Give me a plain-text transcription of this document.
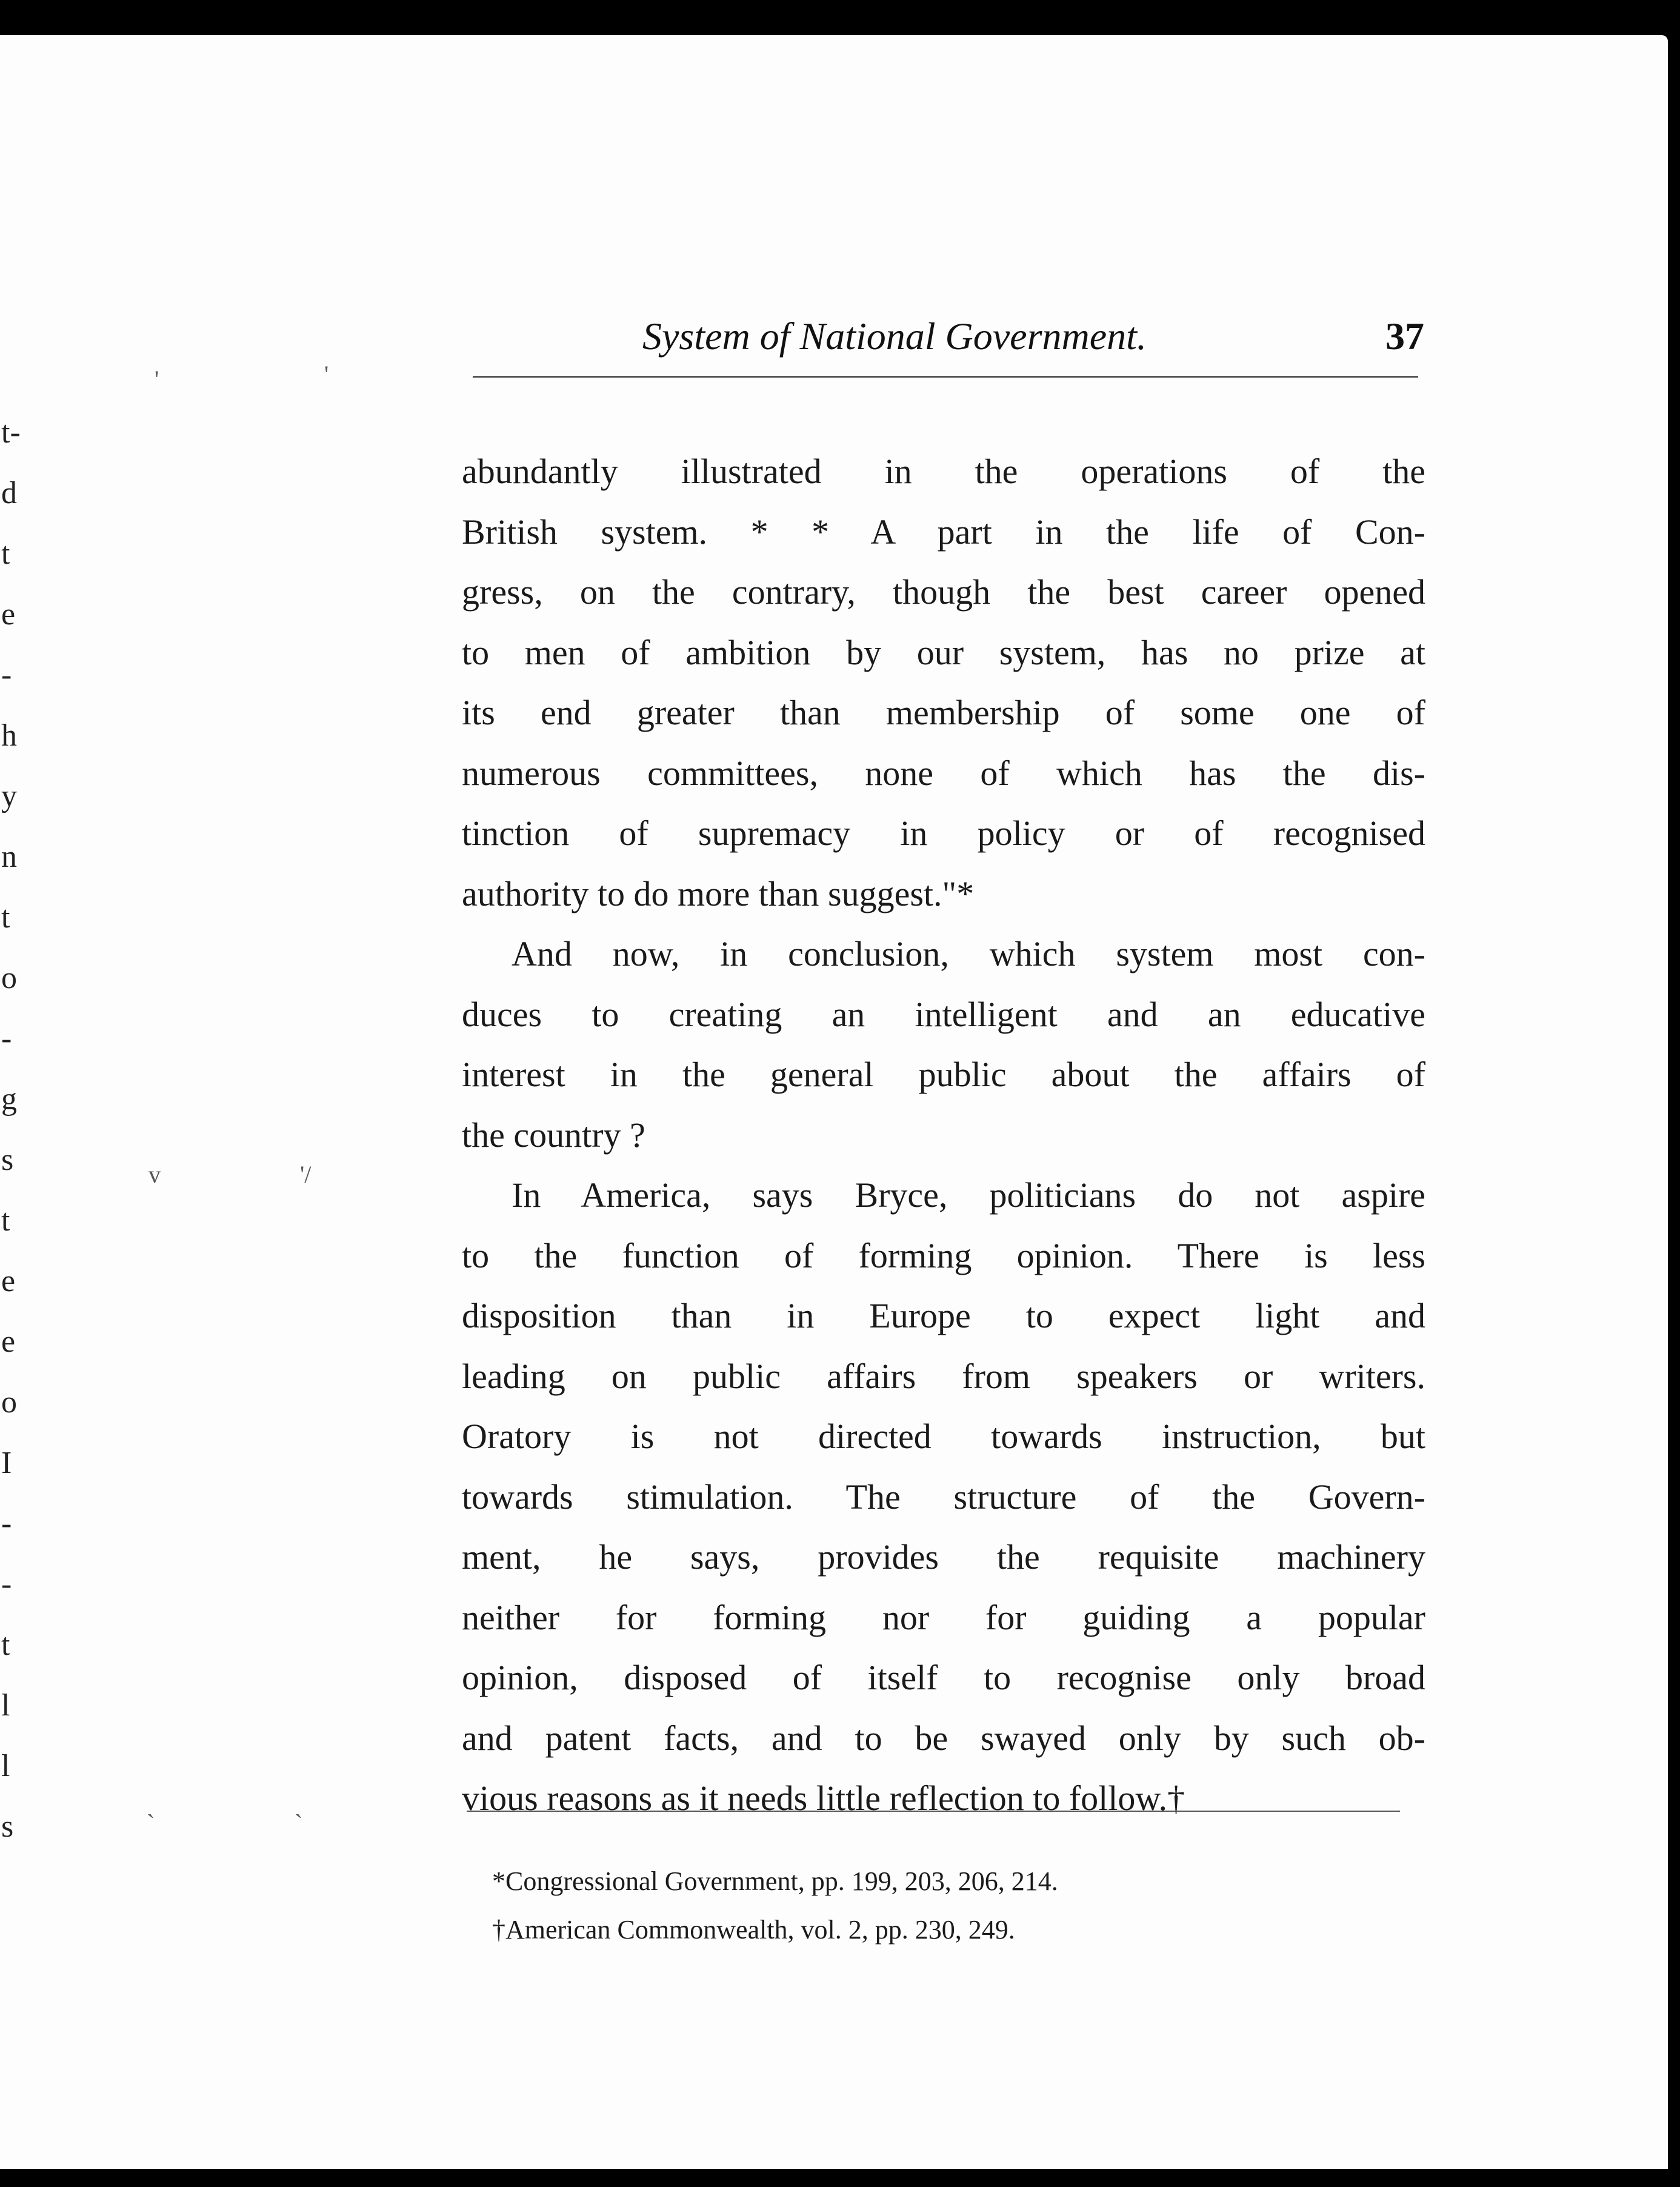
t-
d
t
e
-
h
y
n
t
o
-
g
s
t
e
e
o
I
-
-
t
l
l
s
'	'
v	'/
`	`
System of National Government.	37
abundantly illustrated in the operations of the
British system. * * A part in the life of Con-
gress, on the contrary, though the best career opened
to men of ambition by our system, has no prize at
its end greater than membership of some one of
numerous committees, none of which has the dis-
tinction of supremacy in policy or of recognised
authority to do more than suggest."*
And now, in conclusion, which system most con-
duces to creating an intelligent and an educative
interest in the general public about the affairs of
the country ?
In America, says Bryce, politicians do not aspire
to the function of forming opinion. There is less
disposition than in Europe to expect light and
leading on public affairs from speakers or writers.
Oratory is not directed towards instruction, but
towards stimulation. The structure of the Govern-
ment, he says, provides the requisite machinery
neither for forming nor for guiding a popular
opinion, disposed of itself to recognise only broad
and patent facts, and to be swayed only by such ob-
vious reasons as it needs little reflection to follow.†
*Congressional Government, pp. 199, 203, 206, 214.
†American Commonwealth, vol. 2, pp. 230, 249.
